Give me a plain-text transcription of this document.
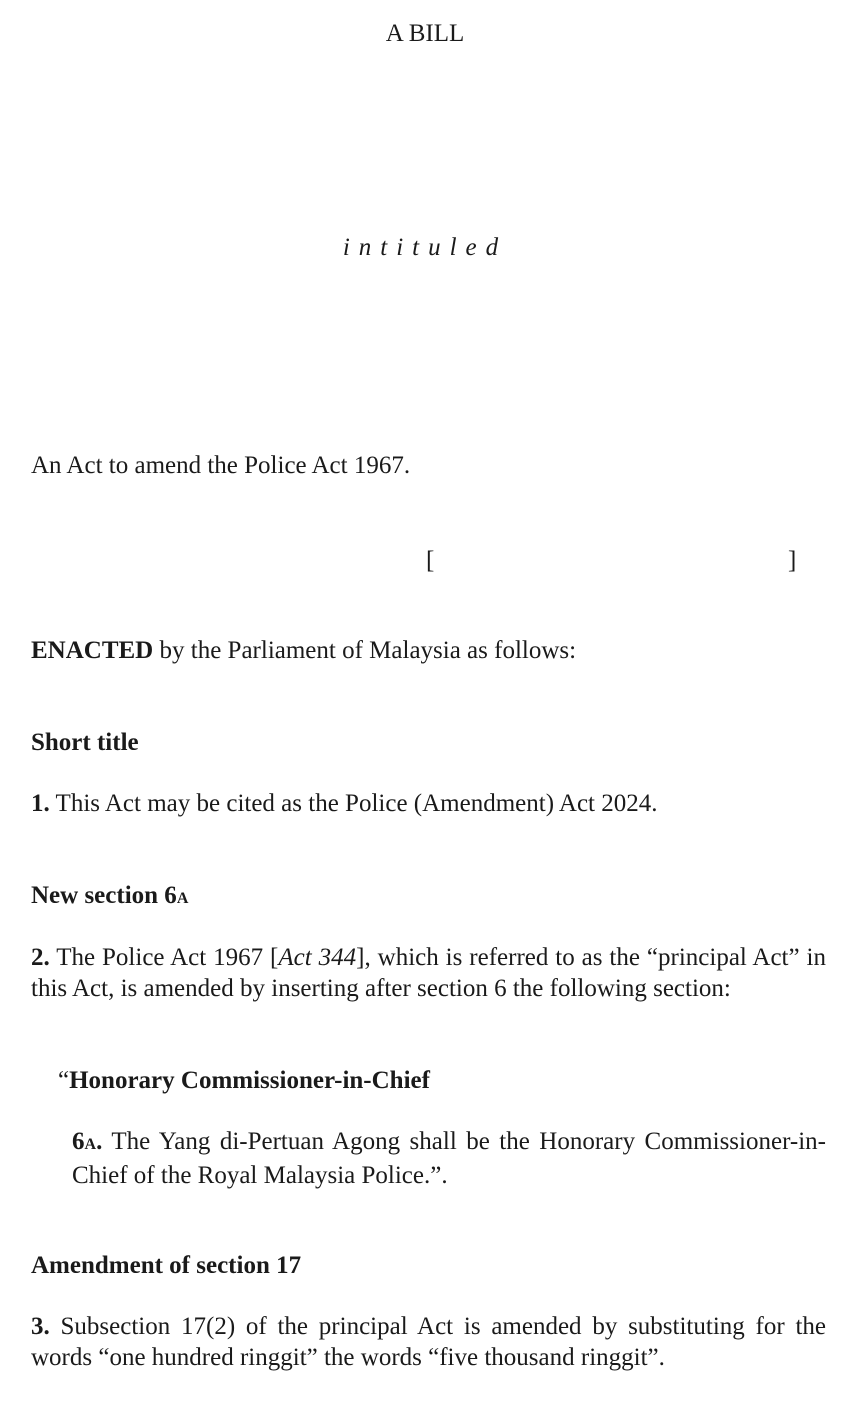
A BILL

intituled

An Act to amend the Police Act 1967.

[	]

ENACTED by the Parliament of Malaysia as follows:

Short title

1. This Act may be cited as the Police (Amendment) Act 2024.

New section 6A

2. The Police Act 1967 [Act 344], which is referred to as the “principal Act” in this Act, is amended by inserting after section 6 the following section:

“Honorary Commissioner-in-Chief

6A. The Yang di-Pertuan Agong shall be the Honorary Commissioner-in-Chief of the Royal Malaysia Police.”.

Amendment of section 17

3. Subsection 17(2) of the principal Act is amended by substituting for the words “one hundred ringgit” the words “five thousand ringgit”.
